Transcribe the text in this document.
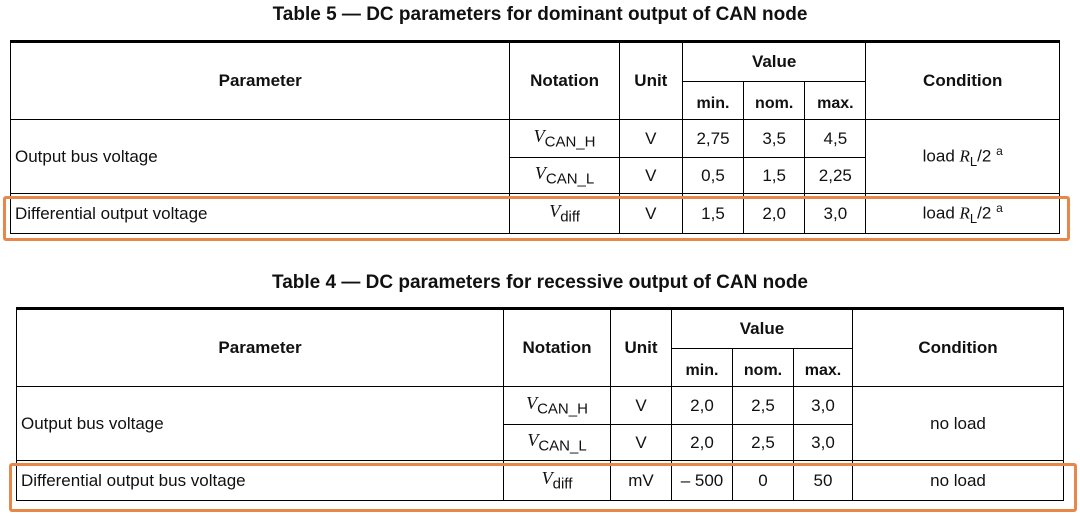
Table 5 — DC parameters for dominant output of CAN node
Parameter	Notation	Unit	Value			Condition
			min.	nom.	max.	
Output bus voltage	$V_{CAN\_H}$	V	2,75	3,5	4,5	load $R_L/2$ $^a$
	$V_{CAN\_L}$	V	0,5	1,5	2,25	
Differential output voltage	$V_{diff}$	V	1,5	2,0	3,0	load $R_L/2$ $^a$
Table 4 — DC parameters for recessive output of CAN node
Parameter	Notation	Unit	Value			Condition
			min.	nom.	max.	
Output bus voltage	$V_{CAN\_H}$	V	2,0	2,5	3,0	no load
	$V_{CAN\_L}$	V	2,0	2,5	3,0	
Differential output bus voltage	$V_{diff}$	mV	– 500	0	50	no load
